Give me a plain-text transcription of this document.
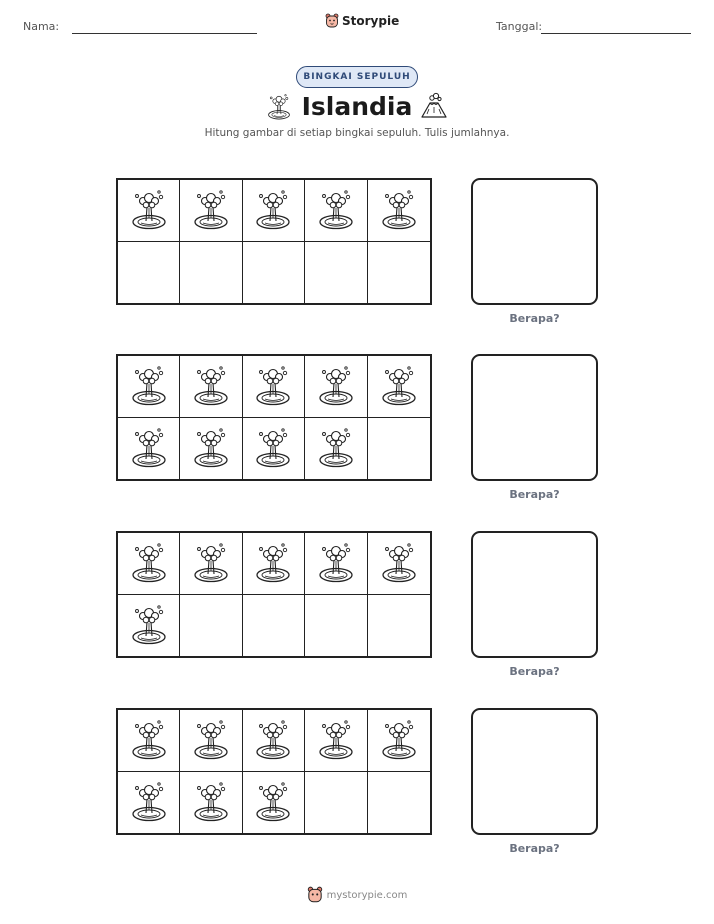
Nama:	Storypie	Tanggal:
BINGKAI SEPULUH
Islandia
Hitung gambar di setiap bingkai sepuluh. Tulis jumlahnya.
Berapa?
Berapa?
Berapa?
Berapa?
mystorypie.com
